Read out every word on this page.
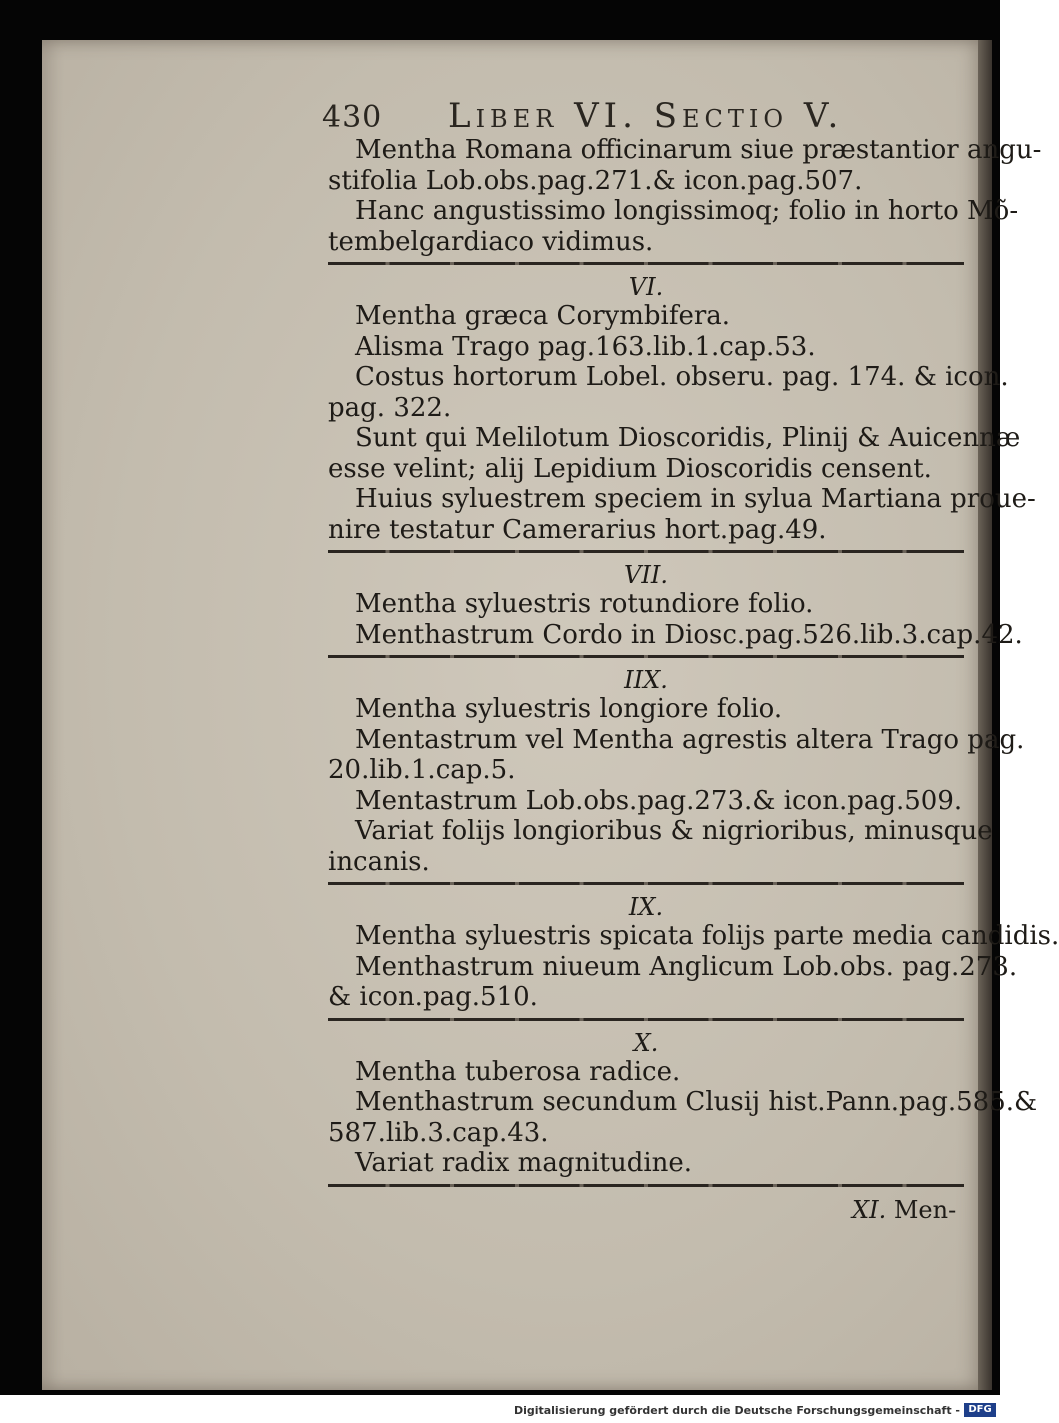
430 Liber VI. Sectio V.
Mentha Romana officinarum siue præstantior angu-
stifolia Lob.obs.pag.271.& icon.pag.507.
Hanc angustissimo longissimoq; folio in horto Mõ-
tembelgardiaco vidimus.
VI.
Mentha græca Corymbifera.
Alisma Trago pag.163.lib.1.cap.53.
Costus hortorum Lobel. obseru. pag. 174. & icon.
pag. 322.
Sunt qui Melilotum Dioscoridis, Plinij & Auicennæ
esse velint; alij Lepidium Dioscoridis censent.
Huius syluestrem speciem in sylua Martiana proue-
nire testatur Camerarius hort.pag.49.
VII.
Mentha syluestris rotundiore folio.
Menthastrum Cordo in Diosc.pag.526.lib.3.cap.42.
IIX.
Mentha syluestris longiore folio.
Mentastrum vel Mentha agrestis altera Trago pag.
20.lib.1.cap.5.
Mentastrum Lob.obs.pag.273.& icon.pag.509.
Variat folijs longioribus & nigrioribus, minusque
incanis.
IX.
Mentha syluestris spicata folijs parte media candidis.
Menthastrum niueum Anglicum Lob.obs. pag.273.
& icon.pag.510.
X.
Mentha tuberosa radice.
Menthastrum secundum Clusij hist.Pann.pag.585.&
587.lib.3.cap.43.
Variat radix magnitudine.
XI. Men-
Digitalisierung gefördert durch die Deutsche Forschungsgemeinschaft - DFG
